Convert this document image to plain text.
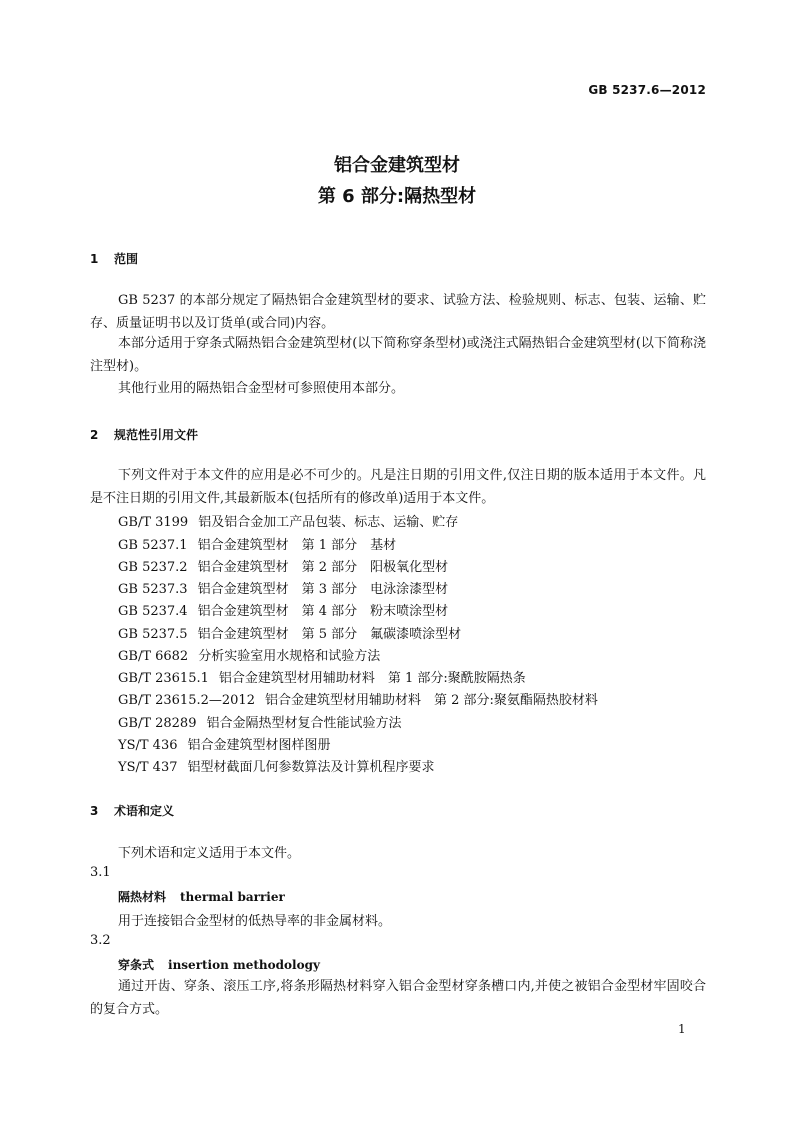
GB 5237.6—2012
铝合金建筑型材
第 6 部分:隔热型材
1 范围
GB 5237 的本部分规定了隔热铝合金建筑型材的要求、试验方法、检验规则、标志、包装、运输、贮存、质量证明书以及订货单(或合同)内容。
本部分适用于穿条式隔热铝合金建筑型材(以下简称穿条型材)或浇注式隔热铝合金建筑型材(以下简称浇注型材)。
其他行业用的隔热铝合金型材可参照使用本部分。
2 规范性引用文件
下列文件对于本文件的应用是必不可少的。凡是注日期的引用文件,仅注日期的版本适用于本文件。凡是不注日期的引用文件,其最新版本(包括所有的修改单)适用于本文件。
GB/T 3199 铝及铝合金加工产品包装、标志、运输、贮存
GB 5237.1 铝合金建筑型材　第 1 部分　基材
GB 5237.2 铝合金建筑型材　第 2 部分　阳极氧化型材
GB 5237.3 铝合金建筑型材　第 3 部分　电泳涂漆型材
GB 5237.4 铝合金建筑型材　第 4 部分　粉末喷涂型材
GB 5237.5 铝合金建筑型材　第 5 部分　氟碳漆喷涂型材
GB/T 6682 分析实验室用水规格和试验方法
GB/T 23615.1 铝合金建筑型材用辅助材料　第 1 部分:聚酰胺隔热条
GB/T 23615.2—2012 铝合金建筑型材用辅助材料　第 2 部分:聚氨酯隔热胶材料
GB/T 28289 铝合金隔热型材复合性能试验方法
YS/T 436 铝合金建筑型材图样图册
YS/T 437 铝型材截面几何参数算法及计算机程序要求
3 术语和定义
下列术语和定义适用于本文件。
3.1
隔热材料 thermal barrier
用于连接铝合金型材的低热导率的非金属材料。
3.2
穿条式 insertion methodology
通过开齿、穿条、滚压工序,将条形隔热材料穿入铝合金型材穿条槽口内,并使之被铝合金型材牢固咬合的复合方式。
1
